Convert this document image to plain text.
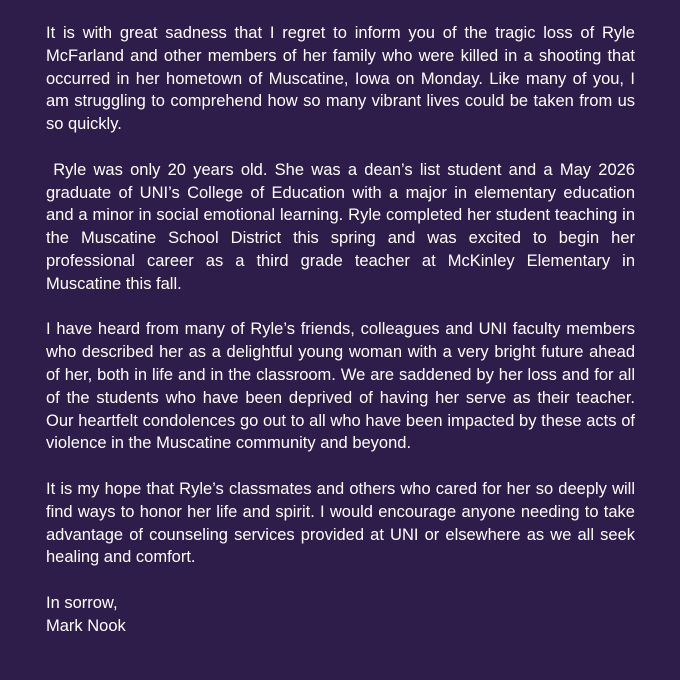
It is with great sadness that I regret to inform you of the tragic loss of Ryle McFarland and other members of her family who were killed in a shooting that occurred in her hometown of Muscatine, Iowa on Monday. Like many of you, I am struggling to comprehend how so many vibrant lives could be taken from us so quickly.

Ryle was only 20 years old. She was a dean’s list student and a May 2026 graduate of UNI’s College of Education with a major in elementary education and a minor in social emotional learning. Ryle completed her student teaching in the Muscatine School District this spring and was excited to begin her professional career as a third grade teacher at McKinley Elementary in Muscatine this fall.

I have heard from many of Ryle’s friends, colleagues and UNI faculty members who described her as a delightful young woman with a very bright future ahead of her, both in life and in the classroom. We are saddened by her loss and for all of the students who have been deprived of having her serve as their teacher. Our heartfelt condolences go out to all who have been impacted by these acts of violence in the Muscatine community and beyond.

It is my hope that Ryle’s classmates and others who cared for her so deeply will find ways to honor her life and spirit. I would encourage anyone needing to take advantage of counseling services provided at UNI or elsewhere as we all seek healing and comfort.

In sorrow,
Mark Nook
